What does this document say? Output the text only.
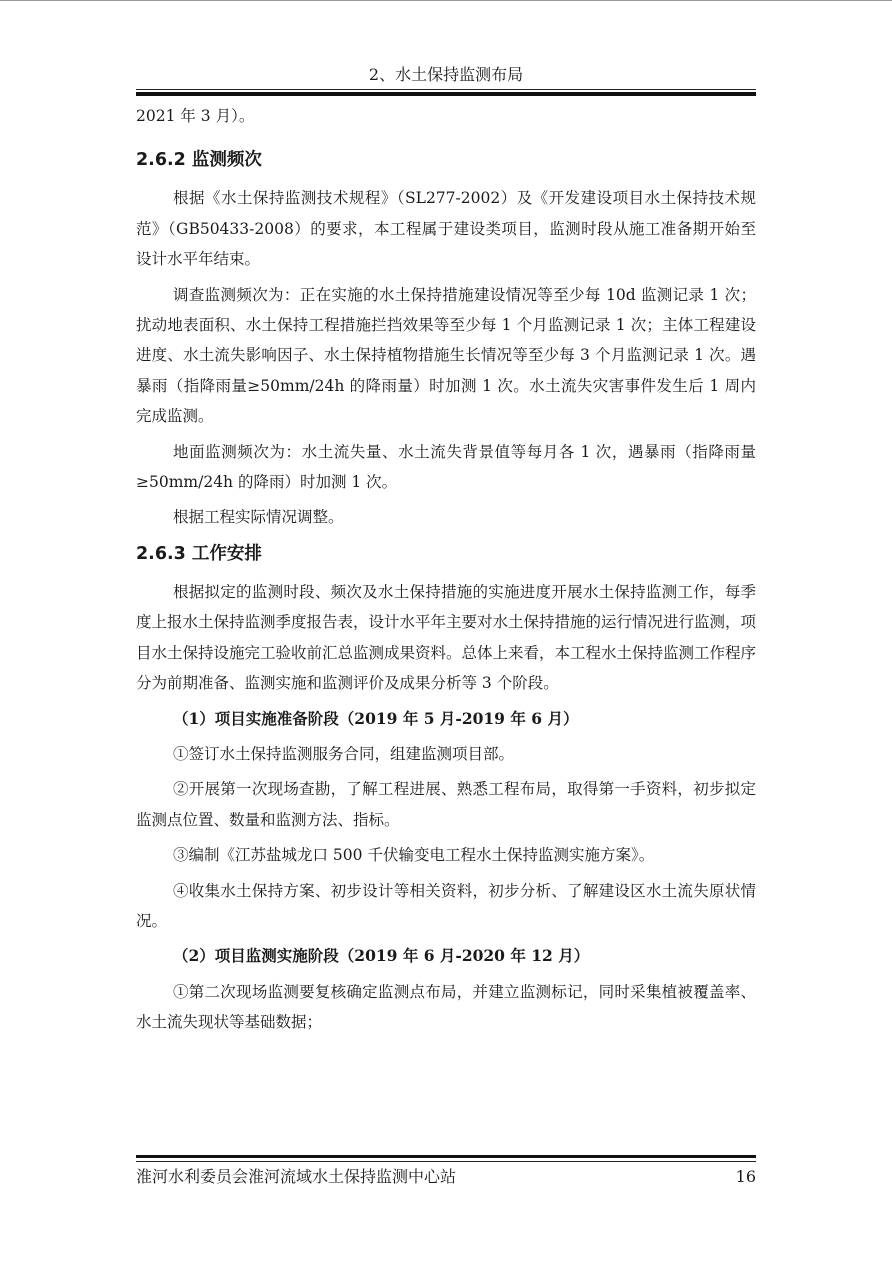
2、水土保持监测布局

2021 年 3 月）。

2.6.2 监测频次

根据《水土保持监测技术规程》（SL277-2002）及《开发建设项目水土保持技术规范》（GB50433-2008）的要求，本工程属于建设类项目，监测时段从施工准备期开始至设计水平年结束。

调查监测频次为：正在实施的水土保持措施建设情况等至少每 10d 监测记录 1 次；扰动地表面积、水土保持工程措施拦挡效果等至少每 1 个月监测记录 1 次；主体工程建设进度、水土流失影响因子、水土保持植物措施生长情况等至少每 3 个月监测记录 1 次。遇暴雨（指降雨量≥50mm/24h 的降雨量）时加测 1 次。水土流失灾害事件发生后 1 周内完成监测。

地面监测频次为：水土流失量、水土流失背景值等每月各 1 次，遇暴雨（指降雨量≥50mm/24h 的降雨）时加测 1 次。

根据工程实际情况调整。

2.6.3 工作安排

根据拟定的监测时段、频次及水土保持措施的实施进度开展水土保持监测工作，每季度上报水土保持监测季度报告表，设计水平年主要对水土保持措施的运行情况进行监测，项目水土保持设施完工验收前汇总监测成果资料。总体上来看，本工程水土保持监测工作程序分为前期准备、监测实施和监测评价及成果分析等 3 个阶段。

（1）项目实施准备阶段（2019 年 5 月-2019 年 6 月）

①签订水土保持监测服务合同，组建监测项目部。

②开展第一次现场查勘，了解工程进展、熟悉工程布局，取得第一手资料，初步拟定监测点位置、数量和监测方法、指标。

③编制《江苏盐城龙口 500 千伏输变电工程水土保持监测实施方案》。

④收集水土保持方案、初步设计等相关资料，初步分析、了解建设区水土流失原状情况。

（2）项目监测实施阶段（2019 年 6 月-2020 年 12 月）

①第二次现场监测要复核确定监测点布局，并建立监测标记，同时采集植被覆盖率、水土流失现状等基础数据；

淮河水利委员会淮河流域水土保持监测中心站	16
